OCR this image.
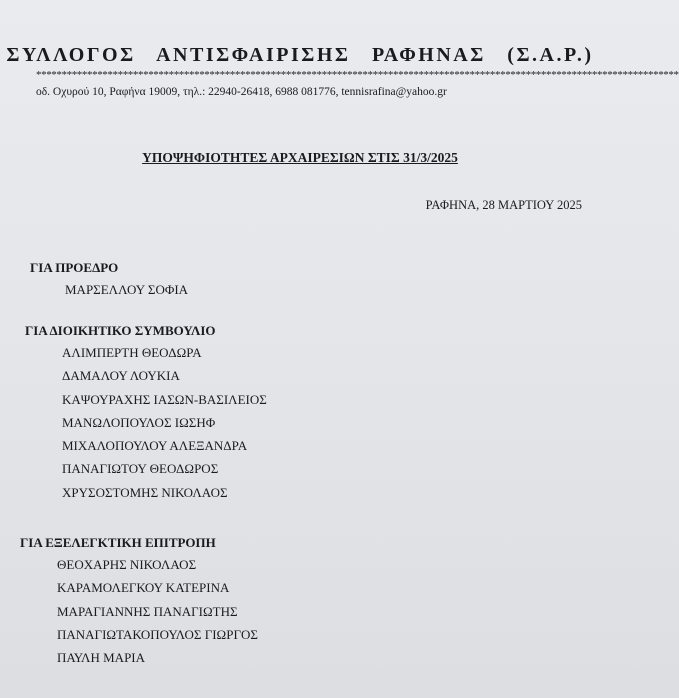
ΣΥΛΛΟΓΟΣ ΑΝΤΙΣΦΑΙΡΙΣΗΣ ΡΑΦΗΝΑΣ (Σ.Α.Ρ.)
******************************************************************************************************************************
οδ. Οχυρού 10, Ραφήνα 19009, τηλ.: 22940-26418, 6988 081776, tennisrafina@yahoo.gr
ΥΠΟΨΗΦΙΟΤΗΤΕΣ ΑΡΧΑΙΡΕΣΙΩΝ ΣΤΙΣ 31/3/2025
ΡΑΦΗΝΑ, 28 ΜΑΡΤΙΟΥ 2025
ΓΙΑ ΠΡΟΕΔΡΟ
ΜΑΡΣΕΛΛΟΥ ΣΟΦΙΑ
ΓΙΑ ΔΙΟΙΚΗΤΙΚΟ ΣΥΜΒΟΥΛΙΟ
ΑΛΙΜΠΕΡΤΗ ΘΕΟΔΩΡΑ
ΔΑΜΑΛΟΥ ΛΟΥΚΙΑ
ΚΑΨΟΥΡΑΧΗΣ ΙΑΣΩΝ-ΒΑΣΙΛΕΙΟΣ
ΜΑΝΩΛΟΠΟΥΛΟΣ ΙΩΣΗΦ
ΜΙΧΑΛΟΠΟΥΛΟΥ ΑΛΕΞΑΝΔΡΑ
ΠΑΝΑΓΙΩΤΟΥ ΘΕΟΔΩΡΟΣ
ΧΡΥΣΟΣΤΟΜΗΣ ΝΙΚΟΛΑΟΣ
ΓΙΑ ΕΞΕΛΕΓΚΤΙΚΗ ΕΠΙΤΡΟΠΗ
ΘΕΟΧΑΡΗΣ ΝΙΚΟΛΑΟΣ
ΚΑΡΑΜΟΛΕΓΚΟΥ ΚΑΤΕΡΙΝΑ
ΜΑΡΑΓΙΑΝΝΗΣ ΠΑΝΑΓΙΩΤΗΣ
ΠΑΝΑΓΙΩΤΑΚΟΠΟΥΛΟΣ ΓΙΩΡΓΟΣ
ΠΑΥΛΗ ΜΑΡΙΑ
